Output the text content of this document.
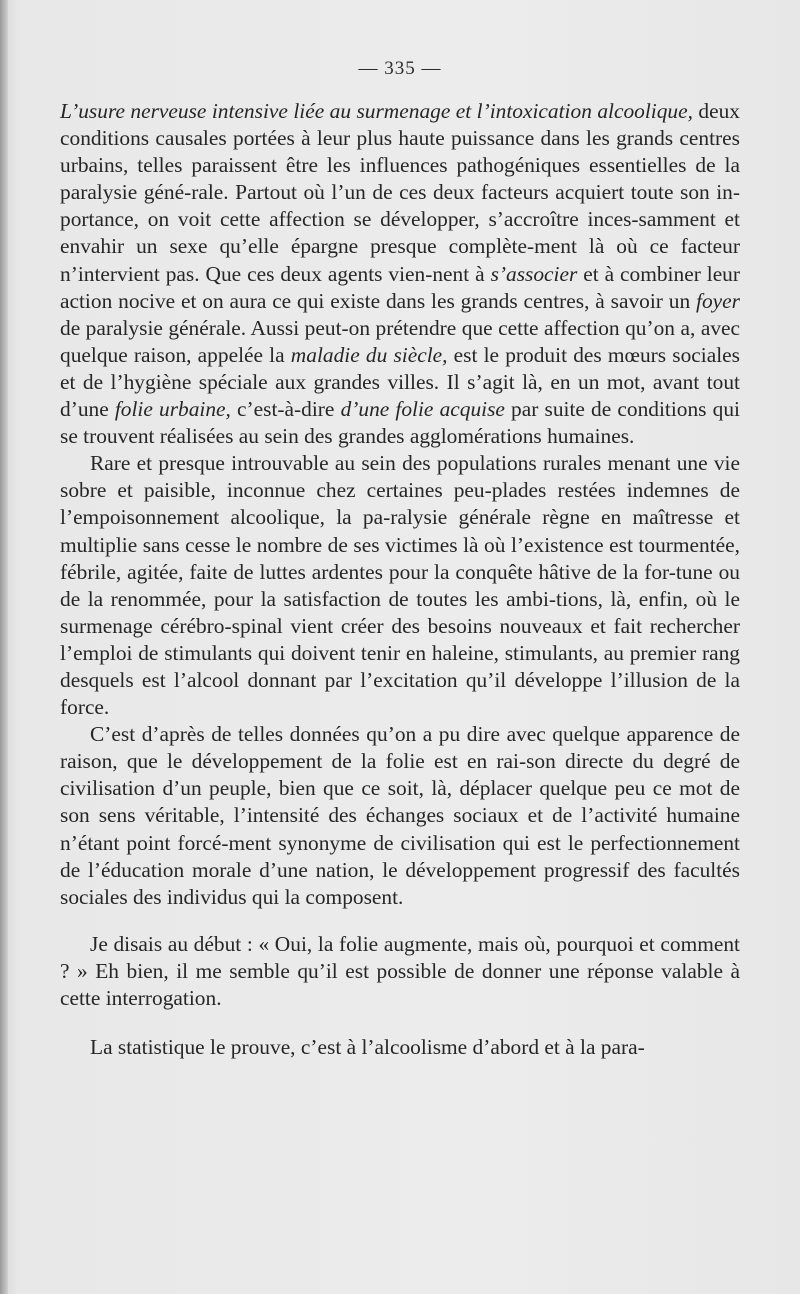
— 335 —

L’usure nerveuse intensive liée au surmenage et l’intoxication alcoolique, deux conditions causales portées à leur plus haute puissance dans les grands centres urbains, telles paraissent être les influences pathogéniques essentielles de la paralysie géné-rale. Partout où l’un de ces deux facteurs acquiert toute son in-portance, on voit cette affection se développer, s’accroître inces-samment et envahir un sexe qu’elle épargne presque complète-ment là où ce facteur n’intervient pas. Que ces deux agents vien-nent à s’associer et à combiner leur action nocive et on aura ce qui existe dans les grands centres, à savoir un foyer de paralysie générale. Aussi peut-on prétendre que cette affection qu’on a, avec quelque raison, appelée la maladie du siècle, est le produit des mœurs sociales et de l’hygiène spéciale aux grandes villes. Il s’agit là, en un mot, avant tout d’une folie urbaine, c’est-à-dire d’une folie acquise par suite de conditions qui se trouvent réalisées au sein des grandes agglomérations humaines.

Rare et presque introuvable au sein des populations rurales menant une vie sobre et paisible, inconnue chez certaines peu-plades restées indemnes de l’empoisonnement alcoolique, la pa-ralysie générale règne en maîtresse et multiplie sans cesse le nombre de ses victimes là où l’existence est tourmentée, fébrile, agitée, faite de luttes ardentes pour la conquête hâtive de la for-tune ou de la renommée, pour la satisfaction de toutes les ambi-tions, là, enfin, où le surmenage cérébro-spinal vient créer des besoins nouveaux et fait rechercher l’emploi de stimulants qui doivent tenir en haleine, stimulants, au premier rang desquels est l’alcool donnant par l’excitation qu’il développe l’illusion de la force.

C’est d’après de telles données qu’on a pu dire avec quelque apparence de raison, que le développement de la folie est en rai-son directe du degré de civilisation d’un peuple, bien que ce soit, là, déplacer quelque peu ce mot de son sens véritable, l’intensité des échanges sociaux et de l’activité humaine n’étant point forcé-ment synonyme de civilisation qui est le perfectionnement de l’éducation morale d’une nation, le développement progressif des facultés sociales des individus qui la composent.

Je disais au début : « Oui, la folie augmente, mais où, pourquoi et comment ? » Eh bien, il me semble qu’il est possible de donner une réponse valable à cette interrogation.

La statistique le prouve, c’est à l’alcoolisme d’abord et à la para-
